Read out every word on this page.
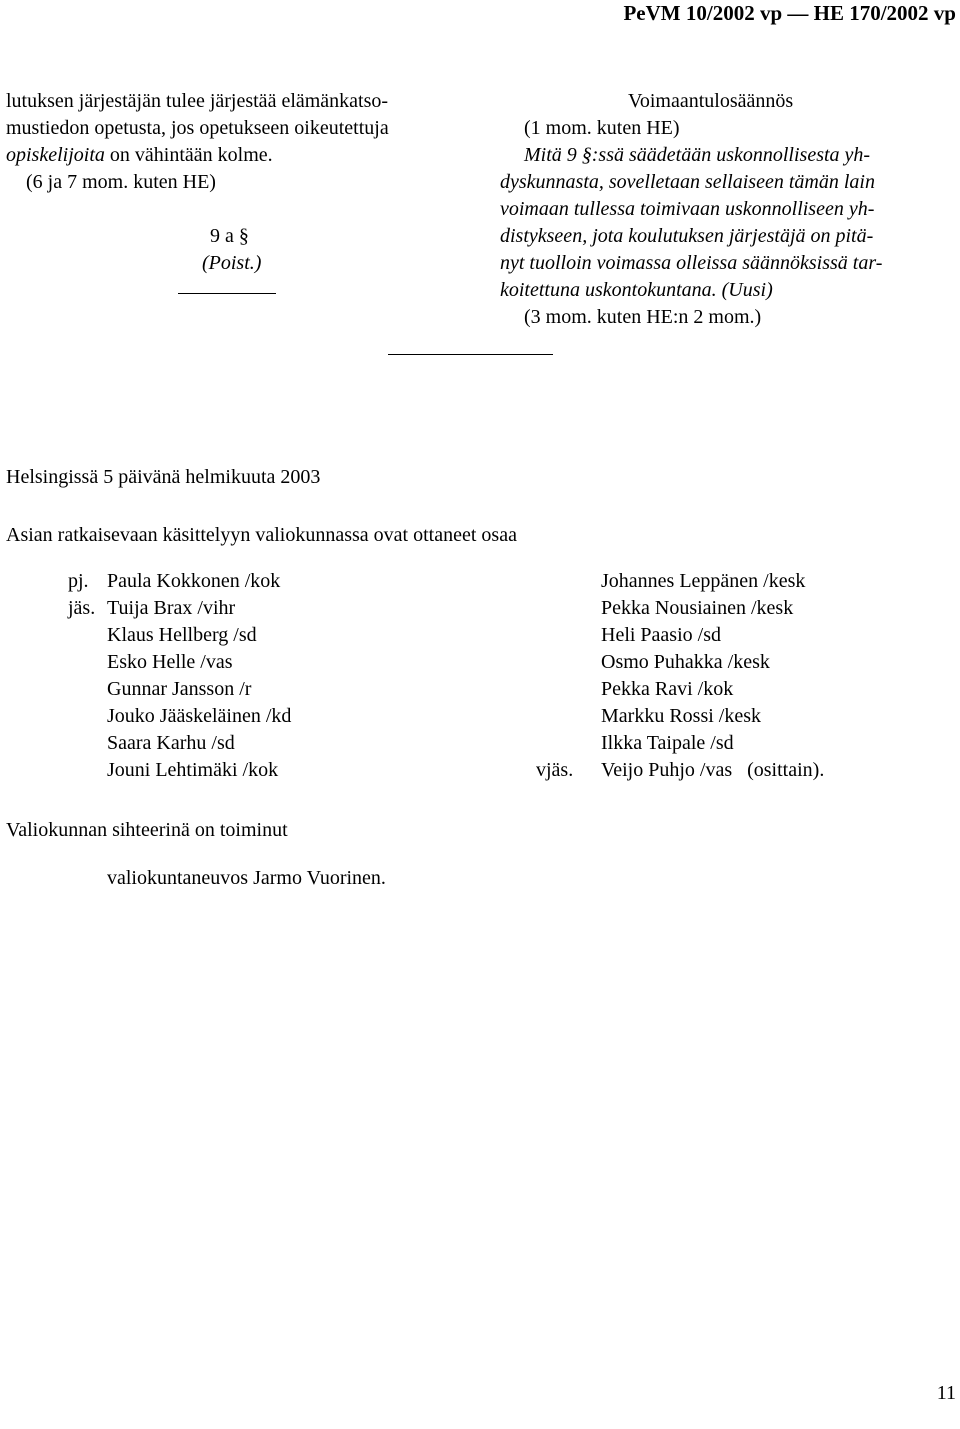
PeVM 10/2002 vp — HE 170/2002 vp
lutuksen järjestäjän tulee järjestää elämänkatso-
mustiedon opetusta, jos opetukseen oikeutettuja
opiskelijoita on vähintään kolme.
(6 ja 7 mom. kuten HE)
9 a §
(Poist.)
Voimaantulosäännös
(1 mom. kuten HE)
Mitä 9 §:ssä säädetään uskonnollisesta yh-
dyskunnasta, sovelletaan sellaiseen tämän lain
voimaan tullessa toimivaan uskonnolliseen yh-
distykseen, jota koulutuksen järjestäjä on pitä-
nyt tuolloin voimassa olleissa säännöksissä tar-
koitettuna uskontokuntana. (Uusi)
(3 mom. kuten HE:n 2 mom.)
Helsingissä 5 päivänä helmikuuta 2003
Asian ratkaisevaan käsittelyyn valiokunnassa ovat ottaneet osaa
pj. Paula Kokkonen /kok	Johannes Leppänen /kesk
jäs. Tuija Brax /vihr	Pekka Nousiainen /kesk
Klaus Hellberg /sd	Heli Paasio /sd
Esko Helle /vas	Osmo Puhakka /kesk
Gunnar Jansson /r	Pekka Ravi /kok
Jouko Jääskeläinen /kd	Markku Rossi /kesk
Saara Karhu /sd	Ilkka Taipale /sd
Jouni Lehtimäki /kok	vjäs. Veijo Puhjo /vas   (osittain).
Valiokunnan sihteerinä on toiminut
valiokuntaneuvos Jarmo Vuorinen.
11
